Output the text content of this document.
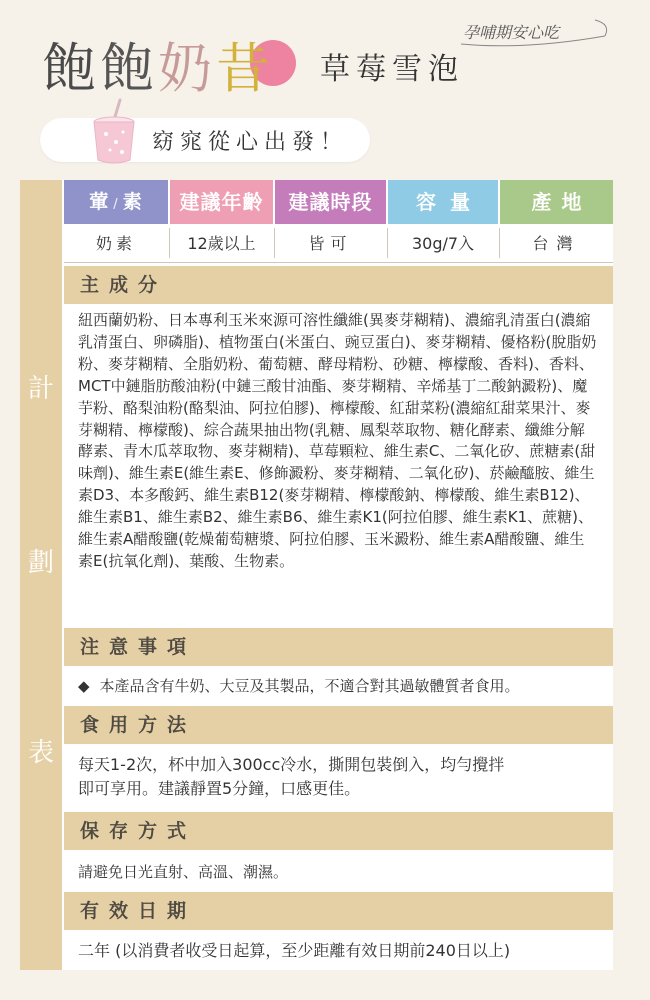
飽飽奶昔 草莓雪泡
孕哺期安心吃
窈窕從心出發！
計
劃
表
葷 / 素	建議年齡	建議時段	容量	產地
奶素	12歲以上	皆可	30g/7入	台灣
主成分
紐西蘭奶粉、日本專利玉米來源可溶性纖維(異麥芽糊精)、濃縮乳清蛋白(濃縮乳清蛋白、卵磷脂)、植物蛋白(米蛋白、豌豆蛋白)、麥芽糊精、優格粉(脫脂奶粉、麥芽糊精、全脂奶粉、葡萄糖、酵母精粉、砂糖、檸檬酸、香料)、香料、MCT中鏈脂肪酸油粉(中鏈三酸甘油酯、麥芽糊精、辛烯基丁二酸鈉澱粉)、魔芋粉、酪梨油粉(酪梨油、阿拉伯膠)、檸檬酸、紅甜菜粉(濃縮紅甜菜果汁、麥芽糊精、檸檬酸)、綜合蔬果抽出物(乳糖、鳳梨萃取物、糖化酵素、纖維分解酵素、青木瓜萃取物、麥芽糊精)、草莓顆粒、維生素C、二氧化矽、蔗糖素(甜味劑)、維生素E(維生素E、修飾澱粉、麥芽糊精、二氧化矽)、菸鹼醯胺、維生素D3、本多酸鈣、維生素B12(麥芽糊精、檸檬酸鈉、檸檬酸、維生素B12)、維生素B1、維生素B2、維生素B6、維生素K1(阿拉伯膠、維生素K1、蔗糖)、維生素A醋酸鹽(乾燥葡萄糖漿、阿拉伯膠、玉米澱粉、維生素A醋酸鹽、維生素E(抗氧化劑)、葉酸、生物素。
注意事項
◆ 本產品含有牛奶、大豆及其製品，不適合對其過敏體質者食用。
食用方法
每天1-2次，杯中加入300cc冷水，撕開包裝倒入，均勻攪拌
即可享用。建議靜置5分鐘，口感更佳。
保存方式
請避免日光直射、高溫、潮濕。
有效日期
二年 (以消費者收受日起算，至少距離有效日期前240日以上)
